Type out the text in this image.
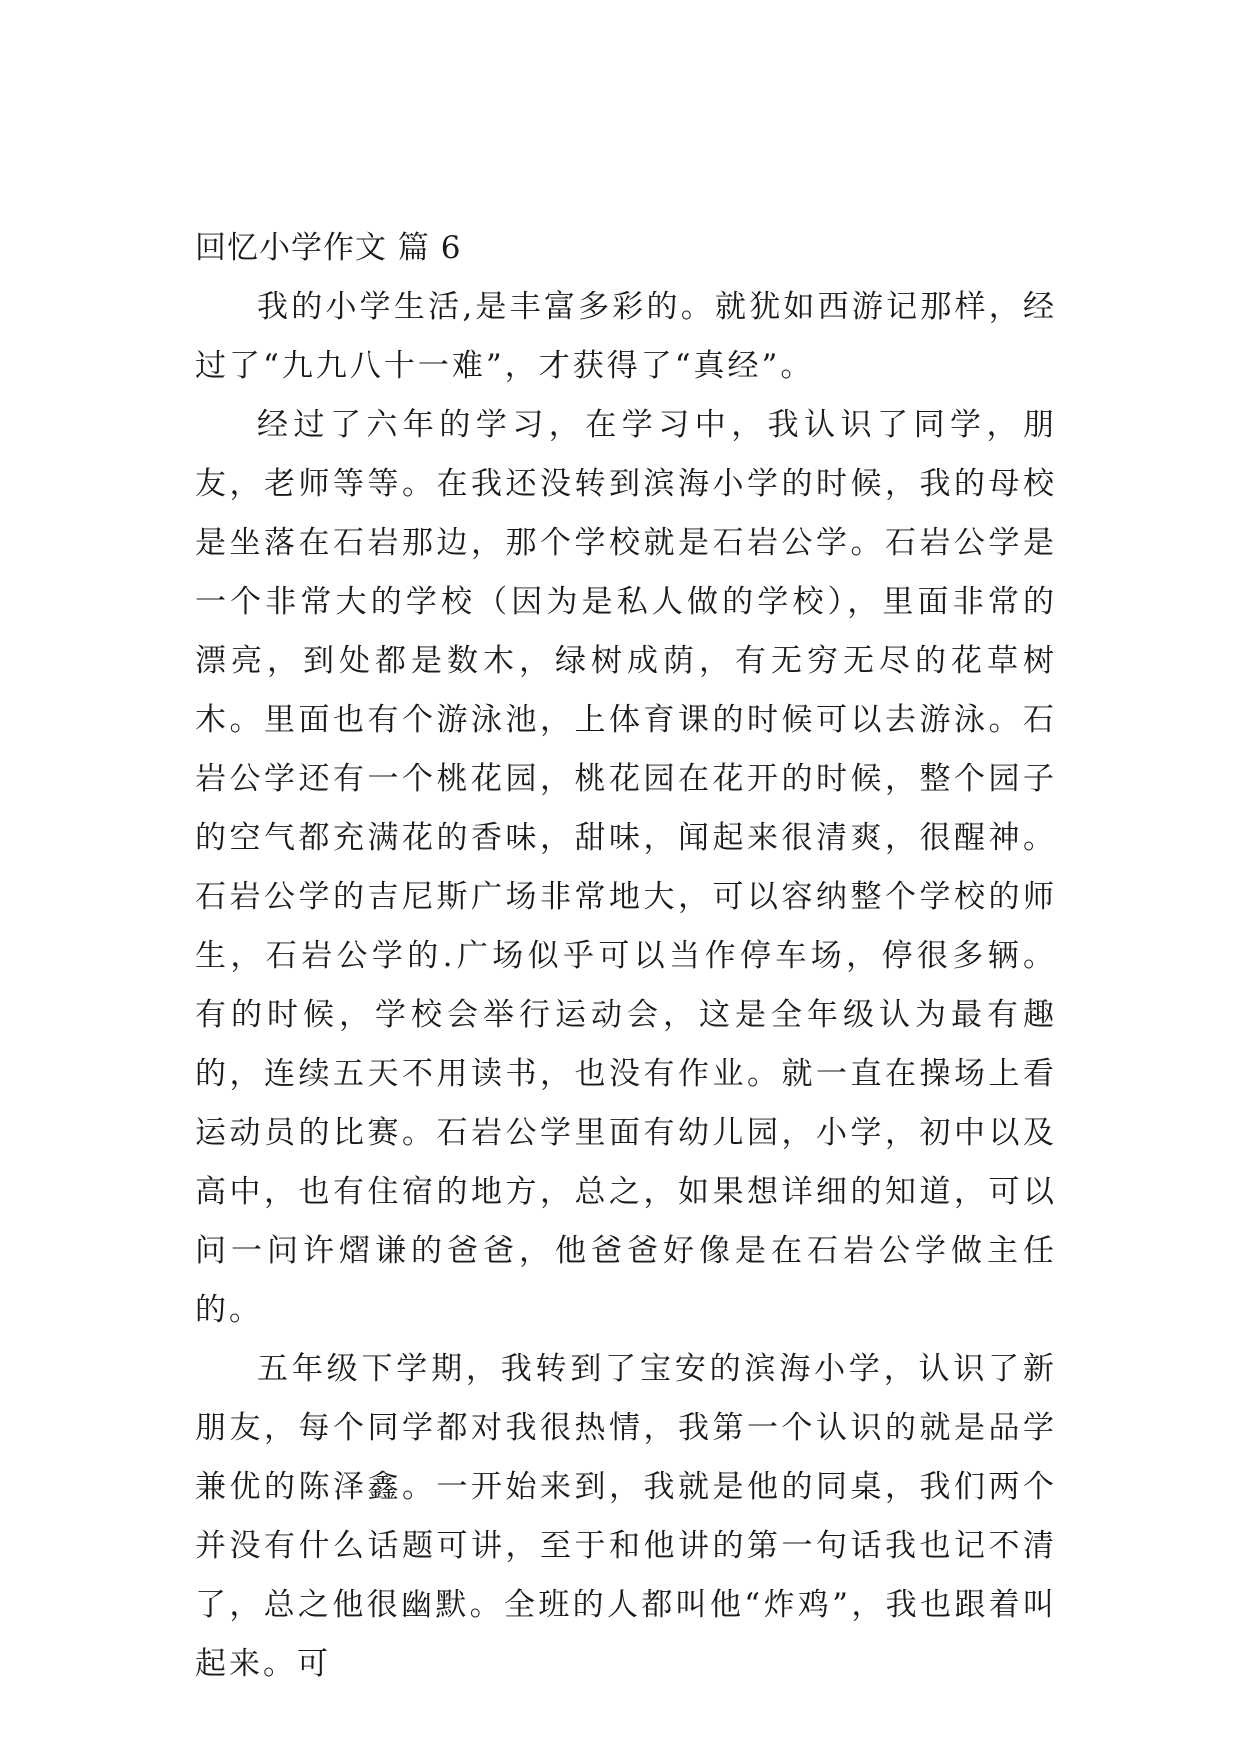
回忆小学作文 篇 6

我的小学生活,是丰富多彩的。就犹如西游记那样，经过了“九九八十一难”，才获得了“真经”。

经过了六年的学习，在学习中，我认识了同学，朋友，老师等等。在我还没转到滨海小学的时候，我的母校是坐落在石岩那边，那个学校就是石岩公学。石岩公学是一个非常大的学校（因为是私人做的学校），里面非常的漂亮，到处都是数木，绿树成荫，有无穷无尽的花草树木。里面也有个游泳池，上体育课的时候可以去游泳。石岩公学还有一个桃花园，桃花园在花开的时候，整个园子的空气都充满花的香味，甜味，闻起来很清爽，很醒神。石岩公学的吉尼斯广场非常地大，可以容纳整个学校的师生，石岩公学的.广场似乎可以当作停车场，停很多辆。有的时候，学校会举行运动会，这是全年级认为最有趣的，连续五天不用读书，也没有作业。就一直在操场上看运动员的比赛。石岩公学里面有幼儿园，小学，初中以及高中，也有住宿的地方，总之，如果想详细的知道，可以问一问许熠谦的爸爸，他爸爸好像是在石岩公学做主任的。

五年级下学期，我转到了宝安的滨海小学，认识了新朋友，每个同学都对我很热情，我第一个认识的就是品学兼优的陈泽鑫。一开始来到，我就是他的同桌，我们两个并没有什么话题可讲，至于和他讲的第一句话我也记不清了，总之他很幽默。全班的人都叫他“炸鸡”，我也跟着叫起来。可
